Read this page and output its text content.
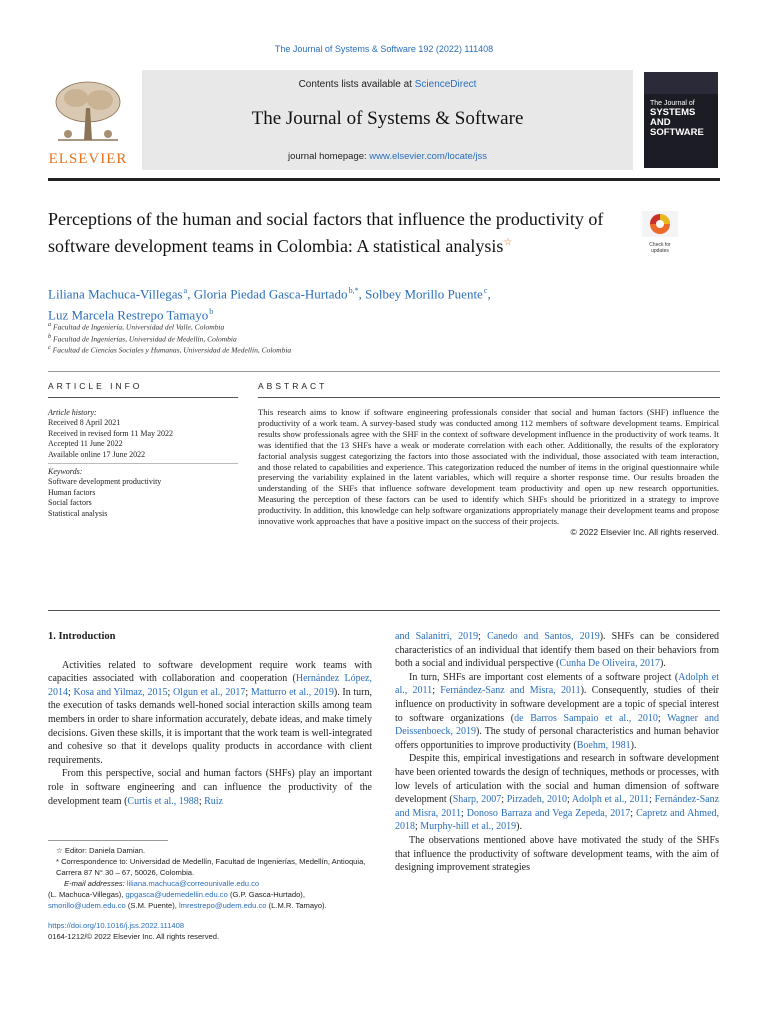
The Journal of Systems & Software 192 (2022) 111408
ELSEVIER
Contents lists available at ScienceDirect
The Journal of Systems & Software
journal homepage: www.elsevier.com/locate/jss
The Journal of
SYSTEMS AND SOFTWARE
Perceptions of the human and social factors that influence the productivity of software development teams in Colombia: A statistical analysis☆	Check for updates
Liliana Machuca-Villegas $^a$, Gloria Piedad Gasca-Hurtado $^{b,*}$, Solbey Morillo Puente $^c$,
Luz Marcela Restrepo Tamayo $^b$
$^a$ Facultad de Ingeniería, Universidad del Valle, Colombia
$^b$ Facultad de Ingenierías, Universidad de Medellín, Colombia
$^c$ Facultad de Ciencias Sociales y Humanas, Universidad de Medellín, Colombia
ARTICLE INFO	ABSTRACT
Article history:
Received 8 April 2021
Received in revised form 11 May 2022
Accepted 11 June 2022
Available online 17 June 2022
Keywords:
Software development productivity
Human factors
Social factors
Statistical analysis
This research aims to know if software engineering professionals consider that social and human factors (SHF) influence the productivity of a work team. A survey-based study was conducted among 112 members of software development teams. Empirical results show professionals agree with the SHF in the context of software development influence in the productivity of work teams. It was identified that the 13 SHFs have a weak or moderate correlation with each other. Additionally, the results of the exploratory factorial analysis suggest categorizing the factors into those associated with the individual, those associated with team interaction, and those related to capabilities and experience. This categorization reduced the number of items in the original questionnaire while preserving the variability explained in the latent variables, which will require a shorter response time. Our results broaden the understanding of the SHFs that influence software development team productivity and open up new research opportunities. Measuring the perception of these factors can be used to identify which SHFs should be prioritized in a strategy to improve productivity. In addition, this knowledge can help software organizations appropriately manage their development teams and propose innovative work approaches that have a positive impact on the success of their projects.
© 2022 Elsevier Inc. All rights reserved.
1. Introduction

Activities related to software development require work teams with capacities associated with collaboration and cooperation (Hernández López, 2014; Kosa and Yilmaz, 2015; Olgun et al., 2017; Matturro et al., 2019). In turn, the execution of tasks demands well-honed social interaction skills among team members in order to share information accurately, debate ideas, and make timely decisions. Given these skills, it is important that the work team is well-integrated and cohesive so that it develops quality products in accordance with client requirements.

From this perspective, social and human factors (SHFs) play an important role in software engineering and can influence the productivity of the development team (Curtis et al., 1988; Ruiz

☆ Editor: Daniela Damian.
* Correspondence to: Universidad de Medellín, Facultad de Ingenierías, Medellín, Antioquia, Carrera 87 N° 30 – 67, 50026, Colombia.
E-mail addresses: liliana.machuca@correounivalle.edu.co
(L. Machuca-Villegas), gpgasca@udemedellin.edu.co (G.P. Gasca-Hurtado),
smorillo@udem.edu.co (S.M. Puente), lmrestrepo@udem.edu.co (L.M.R. Tamayo).
https://doi.org/10.1016/j.jss.2022.111408
0164-1212/© 2022 Elsevier Inc. All rights reserved.

and Salanitri, 2019; Canedo and Santos, 2019). SHFs can be considered characteristics of an individual that identify them based on their behaviors from both a social and individual perspective (Cunha De Oliveira, 2017).

In turn, SHFs are important cost elements of a software project (Adolph et al., 2011; Fernández-Sanz and Misra, 2011). Consequently, studies of their influence on productivity in software development are a topic of special interest to software organizations (de Barros Sampaio et al., 2010; Wagner and Deissenboeck, 2019). The study of personal characteristics and human behavior offers opportunities to improve productivity (Boehm, 1981).

Despite this, empirical investigations and research in software development have been oriented towards the design of techniques, methods or processes, with low levels of articulation with the social and human dimension of software development (Sharp, 2007; Pirzadeh, 2010; Adolph et al., 2011; Fernández-Sanz and Misra, 2011; Donoso Barraza and Vega Zepeda, 2017; Capretz and Ahmed, 2018; Murphy-hill et al., 2019).

The observations mentioned above have motivated the study of the SHFs that influence the productivity of software development teams, with the aim of designing improvement strategies
